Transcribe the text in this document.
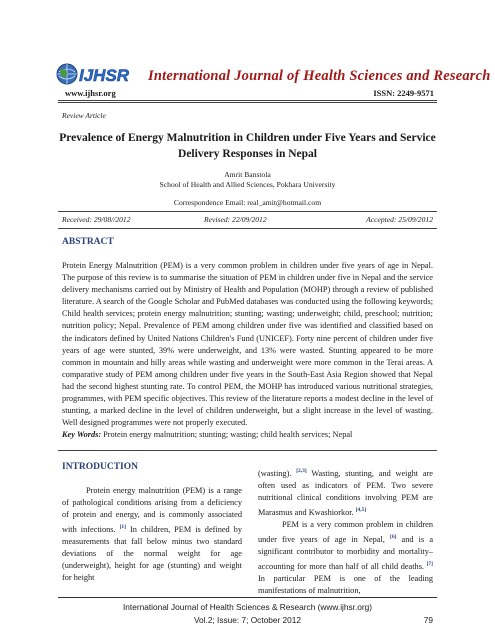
IJHSR International Journal of Health Sciences and Research
www.ijhsr.org	ISSN: 2249-9571
Review Article
Prevalence of Energy Malnutrition in Children under Five Years and Service Delivery Responses in Nepal
Amrit Banstola
School of Health and Allied Sciences, Pokhara University
Correspondence Email: real_amit@hotmail.com
Received: 29/08//2012	Revised: 22/09/2012	Accepted: 25/09/2012
ABSTRACT
Protein Energy Malnutrition (PEM) is a very common problem in children under five years of age in Nepal. The purpose of this review is to summarise the situation of PEM in children under five in Nepal and the service delivery mechanisms carried out by Ministry of Health and Population (MOHP) through a review of published literature. A search of the Google Scholar and PubMed databases was conducted using the following keywords; Child health services; protein energy malnutrition; stunting; wasting; underweight; child, preschool; nutrition; nutrition policy; Nepal. Prevalence of PEM among children under five was identified and classified based on the indicators defined by United Nations Children's Fund (UNICEF). Forty nine percent of children under five years of age were stunted, 39% were underweight, and 13% were wasted. Stunting appeared to be more common in mountain and hilly areas while wasting and underweight were more common in the Terai areas. A comparative study of PEM among children under five years in the South-East Asia Region showed that Nepal had the second highest stunting rate. To control PEM, the MOHP has introduced various nutritional strategies, programmes, with PEM specific objectives. This review of the literature reports a modest decline in the level of stunting, a marked decline in the level of children underweight, but a slight increase in the level of wasting. Well designed programmes were not properly executed.
Key Words: Protein energy malnutrition; stunting; wasting; child health services; Nepal
INTRODUCTION
Protein energy malnutrition (PEM) is a range of pathological conditions arising from a deficiency of protein and energy, and is commonly associated with infections. [1] In children, PEM is defined by measurements that fall below minus two standard deviations of the normal weight for age (underweight), height for age (stunting) and weight for height
(wasting). [2,3] Wasting, stunting, and weight are often used as indicators of PEM. Two severe nutritional clinical conditions involving PEM are Marasmus and Kwashiorkor. [4,5]
PEM is a very common problem in children under five years of age in Nepal, [6] and is a significant contributor to morbidity and mortality– accounting for more than half of all child deaths. [7] In particular PEM is one of the leading manifestations of malnutrition,
International Journal of Health Sciences & Research (www.ijhsr.org)
Vol.2; Issue: 7; October 2012	79
